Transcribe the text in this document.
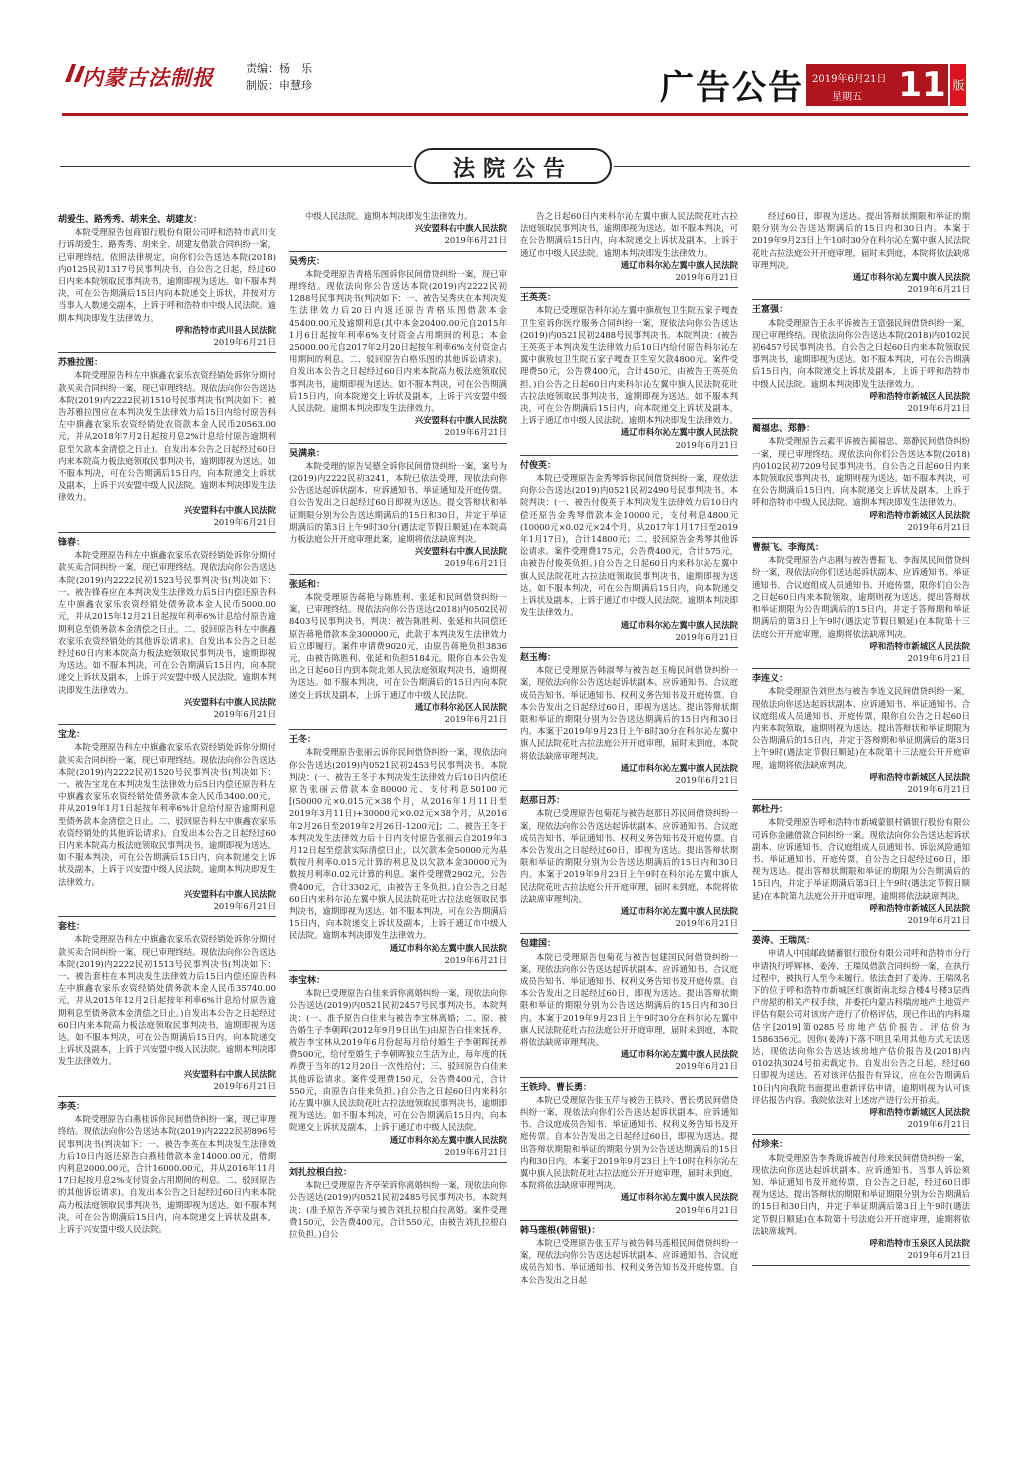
内蒙古法制报	责编：杨　乐
制版：申慧珍	广告公告 2019年6月21日
星期五 11 版
法院公告
胡爱生、路秀秀、胡来全、胡建友：
本院受理原告包商银行股份有限公司呼和浩特市武川支行诉胡爱生、路秀秀、胡来全、胡建友借款合同纠纷一案，已审理终结。依照法律规定，向你们公告送达本院(2018)内0125民初1317号民事判决书，自公告之日起，经过60日内来本院领取民事判决书，逾期即视为送达。如不服本判决，可在公告期满后15日内向本院递交上诉状，并按对方当事人人数递交副本，上诉于呼和浩特市中级人民法院。逾期本判决即发生法律效力。
呼和浩特市武川县人民法院
2019年6月21日
苏雅拉图：
本院受理原告科左中旗鑫农家乐农资经销处诉你分期付款买卖合同纠纷一案，现已审理终结。现依法向你公告送达本院(2019)内2222民初1510号民事判决书(判决如下：被告苏雅拉图应在本判决发生法律效力后15日内给付原告科左中旗鑫农家乐农资经销处农资款本金人民币20563.00元，并从2018年7月2日起按月息2%计息给付原告逾期利息至欠款本金清偿之日止)。自发出本公告之日起经过60日内来本院高力板法庭领取民事判决书，逾期即视为送达。如不服本判决，可在公告期满后15日内，向本院递交上诉状及副本，上诉于兴安盟中级人民法院。逾期本判决即发生法律效力。
兴安盟科右中旗人民法院
2019年6月21日
锋春：
本院受理原告科左中旗鑫农家乐农资经销处诉你分期付款买卖合同纠纷一案，现已审理终结。现依法向你公告送达本院(2019)内2222民初1523号民事判决书(判决如下：一、被告锋春应在本判决发生法律效力后5日内偿还原告科左中旗鑫农家乐农资经销处债务款本金人民币5000.00元，并从2015年12月21日起按年利率6%计息给付原告逾期利息至债务款本金清偿之日止。二、驳回原告科左中旗鑫农家乐农资经销处的其他诉讼请求)。自发出本公告之日起经过60日内来本院高力板法庭领取民事判决书，逾期即视为送达。如不服本判决，可在公告期满后15日内，向本院递交上诉状及副本，上诉于兴安盟中级人民法院。逾期本判决即发生法律效力。
兴安盟科右中旗人民法院
2019年6月21日
宝龙：
本院受理原告科左中旗鑫农家乐农资经销处诉你分期付款买卖合同纠纷一案，现已审理终结。现依法向你公告送达本院(2019)内2222民初1520号民事判决书(判决如下：一、被告宝龙在本判决发生法律效力后5日内偿还原告科左中旗鑫农家乐农资经销处债务款本金人民币3400.00元，并从2019年1月1日起按年利率6%计息给付原告逾期利息至债务款本金清偿之日止。二、驳回原告科左中旗鑫农家乐农资经销处的其他诉讼请求)。自发出本公告之日起经过60日内来本院高力板法庭领取民事判决书，逾期即视为送达。如不服本判决，可在公告期满后15日内，向本院递交上诉状及副本，上诉于兴安盟中级人民法院。逾期本判决即发生法律效力。
兴安盟科右中旗人民法院
2019年6月21日
套柱：
本院受理原告科左中旗鑫农家乐农资经销处诉你分期付款买卖合同纠纷一案，现已审理终结。现依法向你公告送达本院(2019)内2222民初1513号民事判决书(判决如下：一、被告套柱在本判决发生法律效力后15日内偿还原告科左中旗鑫农家乐农资经销处债务款本金人民币35740.00元，并从2015年12月2日起按年利率6%计息给付原告逾期利息至债务款本金清偿之日止。)自发出本公告之日起经过60日内来本院高力板法庭领取民事判决书，逾期即视为送达。如不服本判决，可在公告期满后15日内，向本院递交上诉状及副本，上诉于兴安盟中级人民法院。逾期本判决即发生法律效力。
兴安盟科右中旗人民法院
2019年6月21日
李英：
本院受理原告白燕桂诉你民间借贷纠纷一案，现已审理终结。现依法向你公告送达本院(2019)内2222民初896号民事判决书(判决如下：一、被告李英在本判决发生法律效力后10日内返还原告白燕桂借款本金14000.00元，借期内利息2000.00元，合计16000.00元，并从2016年11月17日起按月息2%支付资金占用期间的利息。二、驳回原告的其他诉讼请求)。自发出本公告之日起经过60日内来本院高力板法庭领取民事判决书，逾期即视为送达。如不服本判决，可在公告期满后15日内，向本院递交上诉状及副本，上诉于兴安盟中级人民法院。
中级人民法院。逾期本判决即发生法律效力。
兴安盟科右中旗人民法院
2019年6月21日
吴秀庆：
本院受理原告青格乐图诉你民间借贷纠纷一案，现已审理终结。现依法向你公告送达本院(2019)内2222民初1288号民事判决书(判决如下：一、被告吴秀庆在本判决发生法律效力后20日内返还原告青格乐图借款本金45400.00元及逾期利息(其中本金20400.00元自2015年1月6日起按年利率6%支付资金占用期间的利息；本金25000.00元自2017年2月20日起按年利率6%支付资金占用期间的利息。二、驳回原告白格乐图的其他诉讼请求)。自发出本公告之日起经过60日内来本院高力板法庭领取民事判决书，逾期即视为送达。如不服本判决，可在公告期满后15日内，向本院递交上诉状及副本，上诉于兴安盟中级人民法院。逾期本判决即发生法律效力。
兴安盟科右中旗人民法院
2019年6月21日
吴满泉：
本院受理的原告吴德全诉你民间借贷纠纷一案，案号为(2019)内2222民初3241，本院已依法受理，现依法向你公告送达起诉状副本、应诉通知书、举证通知及开庭传票。自公告发出之日起经过60日即视为送达。提交答辩状和举证期限分别为公告送达期满后的15日和30日，并定于举证期满后的第3日上午9时30分(遇法定节假日顺延)在本院高力板法庭公开开庭审理此案，逾期将依法缺席判决。
兴安盟科右中旗人民法院
2019年6月21日
张延和：
本院受理原告蒋艳与陈胜利、张延和民间借贷纠纷一案，已审理终结。现依法向你公告送达(2018)内0502民初8403号民事判决书，判决：被告陈胜利、张延和共同偿还原告蒋艳借款本金300000元，此款于本判决发生法律效力后立即履行。案件申请费9020元，由原告蒋艳负担3836元，由被告陈胜利、张延和负担5184元。限你自本公告发出之日起60日内到本院北郊人民法庭领取判决书，逾期视为送达。如不服本判决，可在公告期满后的15日内向本院递交上诉状及副本，上诉于通辽市中级人民法院。
通辽市科尔沁区人民法院
2019年6月21日
王冬：
本院受理原告张丽云诉你民间借贷纠纷一案，现依法向你公告送达(2019)内0521民初2453号民事判决书。本院判决：(一、被告王冬于本判决发生法律效力后10日内偿还原告张丽云借款本金80000元、支付利息50100元[(50000元×0.015元×38个月，从2016年1月11日至2019年3月11日)+30000元×0.02元×38个月，从2016年2月26日至2019年2月26日-1200元]；二、被告王冬于本判决发生法律效力后十日内支付原告张丽云自2019年3月12日起至偿款实际清偿日止，以欠款本金50000元为基数按月利率0.015元计算的利息及以欠款本金30000元为数按月利率0.02元计算的利息。案件受理费2902元，公告费400元，合计3302元，由被告王冬负担。)自公告之日起60日内来科尔沁左翼中旗人民法院花吐古拉法庭领取民事判决书，逾期即视为送达。如不服本判决，可在公告期满后15日内，向本院递交上诉状及副本，上诉于通辽市中级人民法院。逾期本判决即发生法律效力。
通辽市科尔沁左翼中旗人民法院
2019年6月21日
李宝林：
本院已受理原告白佳来诉你离婚纠纷一案，现依法向你公告送达(2019)内0521民初2457号民事判决书。本院判决：(一、准予原告白佳来与被告李宝林离婚；二、原、被告婚生子李朝晖(2012年9月9日出生)由原告白佳来抚养，被告李宝林从2019年6月份起每月给付婚生子李朝晖抚养费500元，给付至婚生子李朝晖独立生活为止，每年度的抚养费于当年的12月20日一次性给付；三、驳回原告白佳来其他诉讼请求。案件受理费150元，公告费400元，合计550元，由原告白佳来负担。)自公告之日起60日内来科尔沁左翼中旗人民法院花吐古拉法庭领取民事判决书，逾期即视为送达。如不服本判决，可在公告期满后15日内，向本院递交上诉状及副本，上诉于通辽市中级人民法院。
通辽市科尔沁左翼中旗人民法院
2019年6月21日
刘扎拉根白拉：
本院已受理原告齐亭荣诉你离婚纠纷一案，现依法向你公告送达(2019)内0521民初2485号民事判决书。本院判决：(准予原告齐亭荣与被告刘扎拉根白拉离婚。案件受理费150元，公告费400元，合计550元，由被告刘扎拉根白拉负担。)自公
告之日起60日内来科尔沁左翼中旗人民法院花吐古拉法庭领取民事判决书，逾期即视为送达。如不服本判决，可在公告期满后15日内，向本院递交上诉状及副本，上诉于通辽市中级人民法院。逾期本判决即发生法律效力。
通辽市科尔沁左翼中旗人民法院
2019年6月21日
王英英：
本院已受理原告科尔沁左翼中旗敖包卫生院五家子嘎查卫生室诉你医疗服务合同纠纷一案，现依法向你公告送达(2019)内0521民初2488号民事判决书。本院判决：(被告王英英于本判决发生法律效力后10日内给付原告科尔沁左翼中旗敖包卫生院五家子嘎查卫生室欠款4800元。案件受理费50元，公告费400元，合计450元，由被告王英英负担。)自公告之日起60日内来科尔沁左翼中旗人民法院花吐古拉法庭领取民事判决书，逾期即视为送达。如不服本判决，可在公告期满后15日内，向本院递交上诉状及副本，上诉于通辽市中级人民法院。逾期本判决即发生法律效力。
通辽市科尔沁左翼中旗人民法院
2019年6月21日
付俊英：
本院已受理原告金秀琴诉你民间借贷纠纷一案，现依法向你公告送达(2019)内0521民初2490号民事判决书。本院判决：(一、被告付俊英于本判决发生法律效力后10日内偿还原告金秀琴借款本金10000元，支付利息4800元(10000元×0.02元×24个月，从2017年1月17日至2019年1月17日)，合计14800元；二、驳回原告金秀琴其他诉讼请求。案件受理费175元，公告费400元，合计575元，由被告付俊英负担。)自公告之日起60日内来科尔沁左翼中旗人民法院花吐古拉法庭领取民事判决书，逾期即视为送达。如不服本判决，可在公告期满后15日内，向本院递交上诉状及副本，上诉于通辽市中级人民法院。逾期本判决即发生法律效力。
通辽市科尔沁左翼中旗人民法院
2019年6月21日
赵玉梅：
本院已受理原告韩淑琴与被告赵玉梅民间借贷纠纷一案，现依法向你公告送达起诉状副本、应诉通知书、合议庭成员告知书、举证通知书、权利义务告知书及开庭传票。自本公告发出之日起经过60日，即视为送达。提出答辩状期限和举证的期限分别为公告送达期满后的15日内和30日内。本案于2019年9月23日上午8时30分在科尔沁左翼中旗人民法院花吐古拉法庭公开开庭审理，届时未到庭，本院将依法缺席审理判决。
通辽市科尔沁左翼中旗人民法院
2019年6月21日
赵那日苏：
本院已受理原告包菊花与被告赵那日苏民间借贷纠纷一案，现依法向你公告送达起诉状副本、应诉通知书、合议庭成员告知书、举证通知书、权利义务告知书及开庭传票。自本公告发出之日起经过60日，即视为送达。提出答辩状期限和举证的期限分别为公告送达期满后的15日内和30日内。本案于2019年9月23日上午9时在科尔沁左翼中旗人民法院花吐古拉法庭公开开庭审理，届时未到庭，本院将依法缺席审理判决。
通辽市科尔沁左翼中旗人民法院
2019年6月21日
包建国：
本院已受理原告包菊花与被告包建国民间借贷纠纷一案，现依法向你公告送达起诉状副本、应诉通知书、合议庭成员告知书、举证通知书、权利义务告知书及开庭传票。自本公告发出之日起经过60日，即视为送达。提出答辩状期限和举证的期限分别为公告送达期满后的15日内和30日内。本案于2019年9月23日上午9时30分在科尔沁左翼中旗人民法院花吐古拉法庭公开开庭审理，届时未到庭，本院将依法缺席审理判决。
通辽市科尔沁左翼中旗人民法院
2019年6月21日
王铁玲、曹长勇：
本院已受理原告张玉芹与被告王铁玲、曹长勇民间借贷纠纷一案，现依法向你们公告送达起诉状副本、应诉通知书、合议庭成员告知书、举证通知书、权利义务告知书及开庭传票。自本公告发出之日起经过60日，即视为送达。提出答辩状期限和举证的期限分别为公告送达期满后的15日内和30日内。本案于2019年9月23日上午10时在科尔沁左翼中旗人民法院花吐古拉法庭公开开庭审理，届时未到庭，本院将依法缺席审理判决。
通辽市科尔沁左翼中旗人民法院
2019年6月21日
韩马莲根(韩留银)：
本院已受理原告张玉芹与被告韩马莲根民间借贷纠纷一案，现依法向你公告送达起诉状副本、应诉通知书、合议庭成员告知书、举证通知书、权利义务告知书及开庭传票。自本公告发出之日起
经过60日，即视为送达。提出答辩状期限和举证的期限分别为公告送达期满后的15日内和30日内。本案于2019年9月23日上午10时30分在科尔沁左翼中旗人民法院花吐古拉法庭公开开庭审理，届时未到庭，本院将依法缺席审理判决。
通辽市科尔沁左翼中旗人民法院
2019年6月21日
王富强：
本院受理原告王永平诉被告王富强民间借贷纠纷一案，现已审理终结。现依法向你公告送达本院(2018)内0102民初6457号民事判决书。自公告之日起60日内来本院领取民事判决书，逾期即视为送达。如不服本判决，可在公告期满后15日内，向本院递交上诉状及副本，上诉于呼和浩特市中级人民法院。逾期本判决即发生法律效力。
呼和浩特市新城区人民法院
2019年6月21日
蔺福忠、郑静：
本院受理原告云素平诉被告蔺福忠、郑静民间借贷纠纷一案，现已审理终结。现依法向你们公告送达本院(2018)内0102民初7209号民事判决书。自公告之日起60日内来本院领取民事判决书，逾期则视为送达。如不服本判决，可在公告期满后15日内，向本院递交上诉状及副本，上诉于呼和浩特市中级人民法院。逾期本判决即发生法律效力。
呼和浩特市新城区人民法院
2019年6月21日
曹振飞、李海凤：
本院受理原告卢志刚与被告曹振飞、李海凤民间借贷纠纷一案，现依法向你们送达起诉状副本、应诉通知书、举证通知书、合议庭组成人员通知书、开庭传票，限你们自公告之日起60日内来本院领取，逾期则视为送达。提出答辩状和举证期限为公告期满后的15日内，并定于答辩期和举证期满后的第3日上午9时(遇法定节假日顺延)在本院第十三法庭公开开庭审理，逾期将依法缺席判决。
呼和浩特市新城区人民法院
2019年6月21日
李连义：
本院受理原告刘世杰与被告李连义民间借贷纠纷一案，现依法向你送达起诉状副本、应诉通知书、举证通知书、合议庭组成人员通知书、开庭传票，限你自公告之日起60日内来本院领取，逾期则视为送达。提出答辩状和举证期限为公告期满后的15日内，并定于答辩期和举证期满后的第3日上午9时(遇法定节假日顺延)在本院第十三法庭公开开庭审理，逾期将依法缺席判决。
呼和浩特市新城区人民法院
2019年6月21日
郭杜丹：
本院受理原告呼和浩特市新城蒙银村镇银行股份有限公司诉你金融借款合同纠纷一案。现依法向你公告送达起诉状副本、应诉通知书、合议庭组成人员通知书、诉讼风险通知书、举证通知书、开庭传票，自公告之日起经过60日，即视为送达。提出答辩状期限和举证的期限为公告期满后的15日内，并定于举证期满后第3日上午9时(遇法定节假日顺延)在本院第九法庭公开开庭审理，逾期将依法缺席判决。
呼和浩特市新城区人民法院
2019年6月21日
姜涛、王瑞凤：
申请人中国邮政储蓄银行股份有限公司呼和浩特市分行申请执行呼辉林、姜涛、王瑞凤借款合同纠纷一案，在执行过程中，被执行人至今未履行。依法查封了姜涛、王瑞凤名下的位于呼和浩特市新城区红旗街南北综合楼4号楼3层西户房屋的相关产权手续，并委托内蒙古科瑞房地产土地资产评估有限公司对该房产进行了价格评估，现已作出的内科瑞估字[2019]第0285号房地产估价报告。评估价为1586356元。因你(姜涛)下落不明且采用其他方式无法送达，现依法向你公告送达该房地产估价报告及(2018)内0102执3024号拍卖裁定书。自发出公告之日起，经过60日即视为送达。若对该评估报告有异议，应在公告期满后10日内向我院书面提出重新评估申请，逾期则视为认可该评估报告内容。我院依法对上述房产进行公开拍卖。
呼和浩特市新城区人民法院
2019年6月21日
付珍来：
本院受理原告李秀珑诉被告付珍来民间借贷纠纷一案，现依法向你送达起诉状副本、应诉通知书、当事人诉讼须知、举证通知书及开庭传票，自公告之日起，经过60日即视为送达。提出答辩状的期限和举证期限分别为公告期满后的15日和30日内，并定于举证期满后第3日上午9时(遇法定节假日顺延)在本院第十号法庭公开开庭审理，逾期将依法缺席裁判。
呼和浩特市玉泉区人民法院
2019年6月21日
